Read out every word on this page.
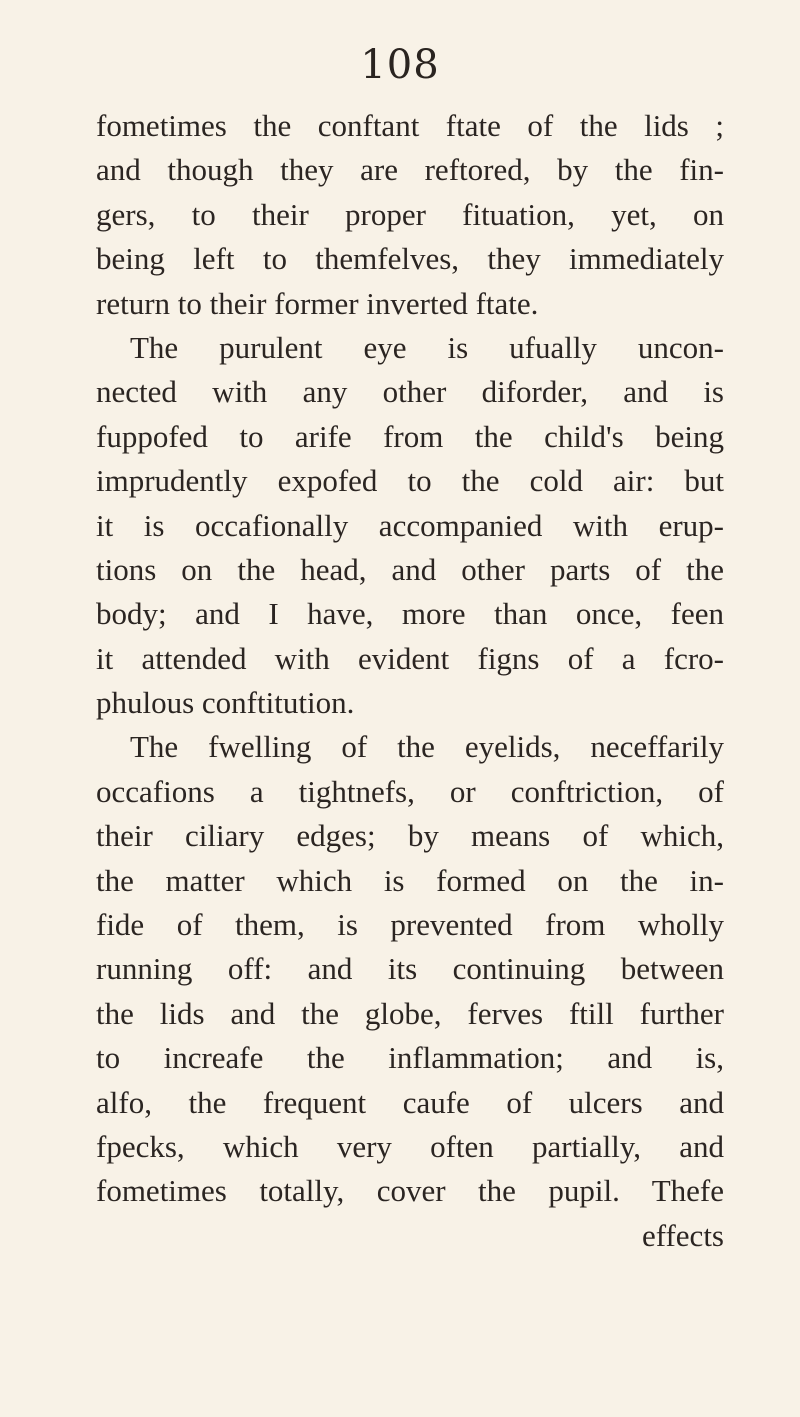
108
fometimes the conftant ftate of the lids ;
and though they are reftored, by the fin-
gers, to their proper fituation, yet, on
being left to themfelves, they immediately
return to their former inverted ftate.
The purulent eye is ufually uncon-
nected with any other diforder, and is
fuppofed to arife from the child's being
imprudently expofed to the cold air: but
it is occafionally accompanied with erup-
tions on the head, and other parts of the
body; and I have, more than once, feen
it attended with evident figns of a fcro-
phulous conftitution.
The fwelling of the eyelids, neceffarily
occafions a tightnefs, or conftriction, of
their ciliary edges; by means of which,
the matter which is formed on the in-
fide of them, is prevented from wholly
running off: and its continuing between
the lids and the globe, ferves ftill further
to increafe the inflammation; and is,
alfo, the frequent caufe of ulcers and
fpecks, which very often partially, and
fometimes totally, cover the pupil. Thefe
effects
